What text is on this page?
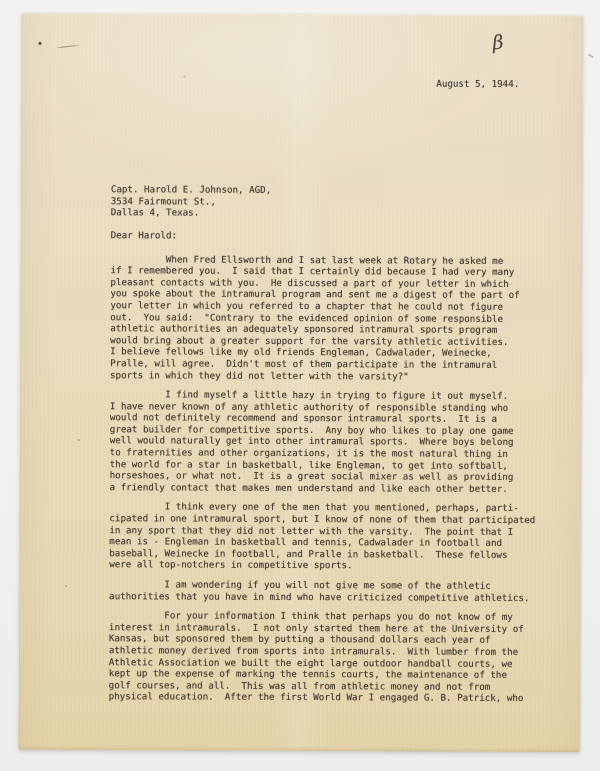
β
August 5, 1944.
Capt. Harold E. Johnson, AGD,
3534 Fairmount St.,
Dallas 4, Texas.
Dear Harold:
When Fred Ellsworth and I sat last week at Rotary he asked me
if I remembered you.  I said that I certainly did because I had very many
pleasant contacts with you.  He discussed a part of your letter in which
you spoke about the intramural program and sent me a digest of the part of
your letter in which you referred to a chapter that he could not figure
out.  You said:  "Contrary to the evidenced opinion of some responsible
athletic authorities an adequately sponsored intramural sports program
would bring about a greater support for the varsity athletic activities.
I believe fellows like my old friends Engleman, Cadwalader, Weinecke,
Pralle, will agree.  Didn't most of them participate in the intramural
sports in which they did not letter with the varsity?"
I find myself a little hazy in trying to figure it out myself.
I have never known of any athletic authority of responsible standing who
would not definitely recommend and sponsor intramural sports.  It is a
great builder for competitive sports.  Any boy who likes to play one game
well would naturally get into other intramural sports.  Where boys belong
to fraternities and other organizations, it is the most natural thing in
the world for a star in basketball, like Engleman, to get into softball,
horseshoes, or what not.  It is a great social mixer as well as providing
a friendly contact that makes men understand and like each other better.
I think every one of the men that you mentioned, perhaps, parti-
cipated in one intramural sport, but I know of none of them that participated
in any sport that they did not letter with the varsity.  The point that I
mean is - Engleman in basketball and tennis, Cadwalader in football and
baseball, Weinecke in football, and Pralle in basketball.  These fellows
were all top-notchers in competitive sports.
I am wondering if you will not give me some of the athletic
authorities that you have in mind who have criticized competitive athletics.
For your information I think that perhaps you do not know of my
interest in intramurals.  I not only started them here at the University of
Kansas, but sponsored them by putting a thousand dollars each year of
athletic money derived from sports into intramurals.  With lumber from the
Athletic Association we built the eight large outdoor handball courts, we
kept up the expense of marking the tennis courts, the maintenance of the
golf courses, and all.  This was all from athletic money and not from
physical education.  After the first World War I engaged G. B. Patrick, who
